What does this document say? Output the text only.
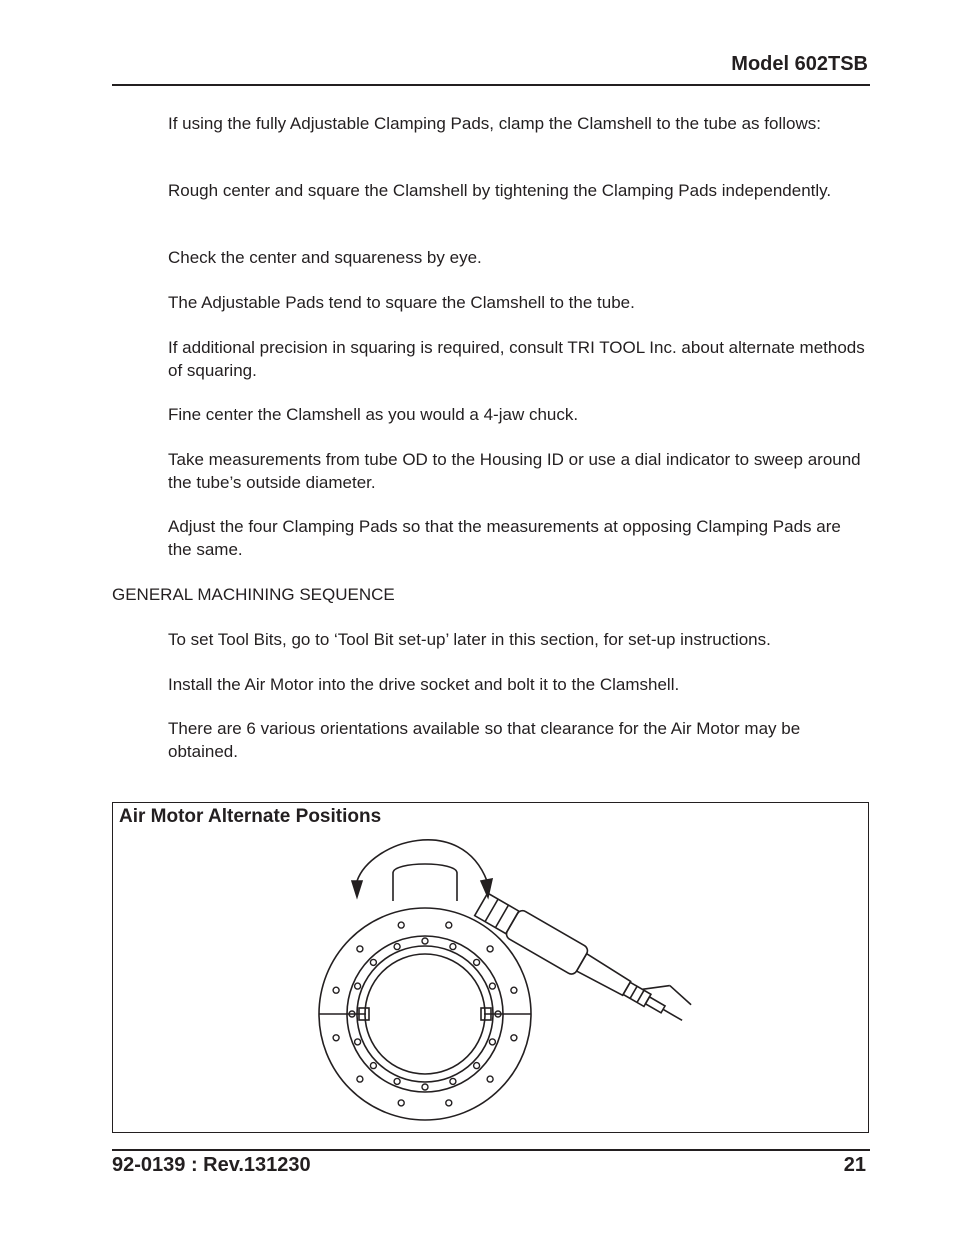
Model 602TSB

If using the fully Adjustable Clamping Pads, clamp the Clamshell to the tube as follows:

Rough center and square the Clamshell by tightening the Clamping Pads independently.

Check the center and squareness by eye.

The Adjustable Pads tend to square the Clamshell to the tube.

If additional precision in squaring is required, consult TRI TOOL Inc. about alternate methods of squaring.

Fine center the Clamshell as you would a 4-jaw chuck.

Take measurements from tube OD to the Housing ID or use a dial indicator to sweep around the tube’s outside diameter.

Adjust the four Clamping Pads so that the measurements at opposing Clamping Pads are the same.

GENERAL MACHINING SEQUENCE

To set Tool Bits, go to ‘Tool Bit set-up’ later in this section, for set-up instructions.

Install the Air Motor into the drive socket and bolt it to the Clamshell.

There are 6 various orientations available so that clearance for the Air Motor may be obtained.

Air Motor Alternate Positions
92-0139 : Rev.131230	21
